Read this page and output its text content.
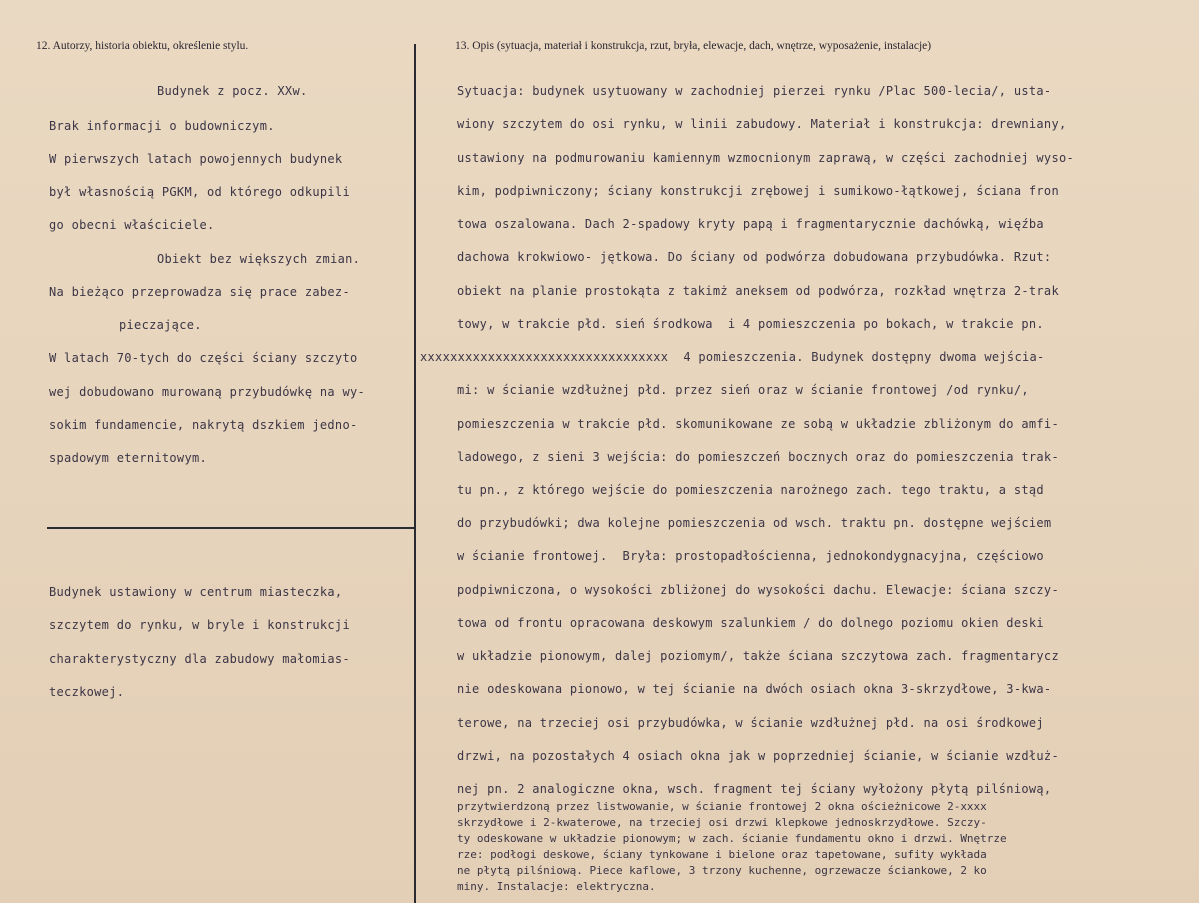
12. Autorzy, historia obiektu, określenie stylu.	13. Opis (sytuacja, materiał i konstrukcja, rzut, bryła, elewacje, dach, wnętrze, wyposażenie, instalacje)
Budynek z pocz. XXw.
Brak informacji o budowniczym.
W pierwszych latach powojennych budynek
był własnością PGKM, od którego odkupili
go obecni właściciele.
Obiekt bez większych zmian.
Na bieżąco przeprowadza się prace zabez-
pieczające.
W latach 70-tych do części ściany szczyto
wej dobudowano murowaną przybudówkę na wy-
sokim fundamencie, nakrytą dszkiem jedno-
spadowym eternitowym.
Budynek ustawiony w centrum miasteczka,
szczytem do rynku, w bryle i konstrukcji
charakterystyczny dla zabudowy małomias-
teczkowej.
Sytuacja: budynek usytuowany w zachodniej pierzei rynku /Plac 500-lecia/, usta-
wiony szczytem do osi rynku, w linii zabudowy. Materiał i konstrukcja: drewniany,
ustawiony na podmurowaniu kamiennym wzmocnionym zaprawą, w części zachodniej wyso-
kim, podpiwniczony; ściany konstrukcji zrębowej i sumikowo-łątkowej, ściana fron
towa oszalowana. Dach 2-spadowy kryty papą i fragmentarycznie dachówką, więźba
dachowa krokwiowo- jętkowa. Do ściany od podwórza dobudowana przybudówka. Rzut:
obiekt na planie prostokąta z takimż aneksem od podwórza, rozkład wnętrza 2-trak
towy, w trakcie płd. sień środkowa  i 4 pomieszczenia po bokach, w trakcie pn.
xxxxxxxxxxxxxxxxxxxxxxxxxxxxxxxxx  4 pomieszczenia. Budynek dostępny dwoma wejścia-
mi: w ścianie wzdłużnej płd. przez sień oraz w ścianie frontowej /od rynku/,
pomieszczenia w trakcie płd. skomunikowane ze sobą w układzie zbliżonym do amfi-
ladowego, z sieni 3 wejścia: do pomieszczeń bocznych oraz do pomieszczenia trak-
tu pn., z którego wejście do pomieszczenia narożnego zach. tego traktu, a stąd
do przybudówki; dwa kolejne pomieszczenia od wsch. traktu pn. dostępne wejściem
w ścianie frontowej.  Bryła: prostopadłościenna, jednokondygnacyjna, częściowo
podpiwniczona, o wysokości zbliżonej do wysokości dachu. Elewacje: ściana szczy-
towa od frontu opracowana deskowym szalunkiem / do dolnego poziomu okien deski
w układzie pionowym, dalej poziomym/, także ściana szczytowa zach. fragmentarycz
nie odeskowana pionowo, w tej ścianie na dwóch osiach okna 3-skrzydłowe, 3-kwa-
terowe, na trzeciej osi przybudówka, w ścianie wzdłużnej płd. na osi środkowej
drzwi, na pozostałych 4 osiach okna jak w poprzedniej ścianie, w ścianie wzdłuż-
nej pn. 2 analogiczne okna, wsch. fragment tej ściany wyłożony płytą pilśniową,
przytwierdzoną przez listwowanie, w ścianie frontowej 2 okna ościeżnicowe 2-xxxx
skrzydłowe i 2-kwaterowe, na trzeciej osi drzwi klepkowe jednoskrzydłowe. Szczy-
ty odeskowane w układzie pionowym; w zach. ścianie fundamentu okno i drzwi. Wnętrze
rze: podłogi deskowe, ściany tynkowane i bielone oraz tapetowane, sufity wykłada
ne płytą pilśniową. Piece kaflowe, 3 trzony kuchenne, ogrzewacze ściankowe, 2 ko
miny. Instalacje: elektryczna.
